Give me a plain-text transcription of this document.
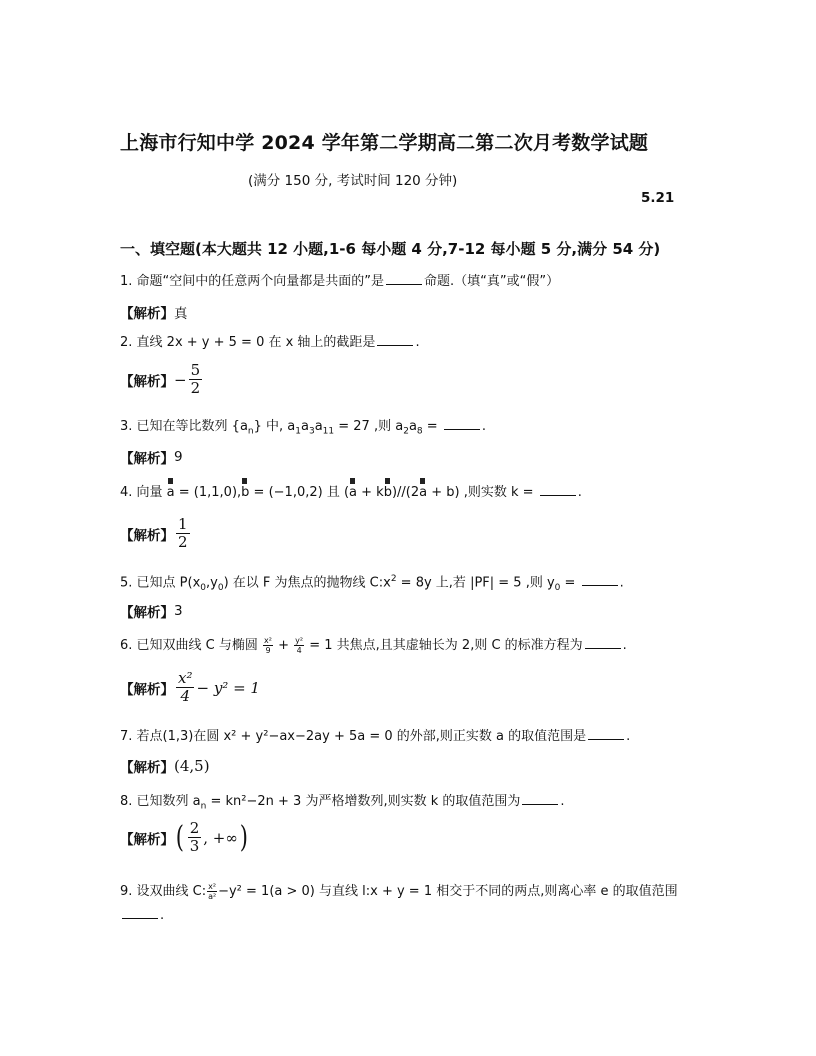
上海市行知中学 2024 学年第二学期高二第二次月考数学试题
(满分 150 分, 考试时间 120 分钟)
5.21
一、填空题(本大题共 12 小题,1-6 每小题 4 分,7-12 每小题 5 分,满分 54 分)
1. 命题“空间中的任意两个向量都是共面的”是	命题.（填“真”或“假”）
【解析】 真
2. 直线 2x + y + 5 = 0 在 x 轴上的截距是	.
【解析】 − $\frac{5}{2}$
3. 已知在等比数列 $\{a_n\}$ 中, $a_1a_3a_{11} = 27$ ,则 $a_2a_8$ =	.
【解析】 9
4. 向量 a = (1,1,0),b = (−1,0,2) 且 (a + kb)//(2a + b) ,则实数 k =	.
【解析】 $\frac{1}{2}$
5. 已知点 $P(x_0,y_0)$ 在以 F 为焦点的抛物线 $C:x^2 = 8y$ 上,若 |PF| = 5 ,则 $y_0$ =	.
【解析】 3
6. 已知双曲线 C 与椭圆 $\frac{\text{x²}}{9} + \frac{\text{y²}}{4} = 1$ 共焦点,且其虚轴长为 2,则 C 的标准方程为	.
【解析】 $\frac{\text{x²}}{4} - y^2 = 1$
7. 若点(1,3)在圆 x² + y²−ax−2ay + 5a = 0 的外部,则正实数 a 的取值范围是	.
【解析】 (4,5)
8. 已知数列 $a_n = kn^2-2n + 3$ 为严格增数列,则实数 k 的取值范围为	.
【解析】 ( $\frac{2}{3}$ , +∞ )
9. 设双曲线 C: $\frac{\text{x²}}{\text{a²}} -y^2 = 1(a > 0)$ 与直线 l:x + y = 1 相交于不同的两点,则离心率 e 的取值范围.
